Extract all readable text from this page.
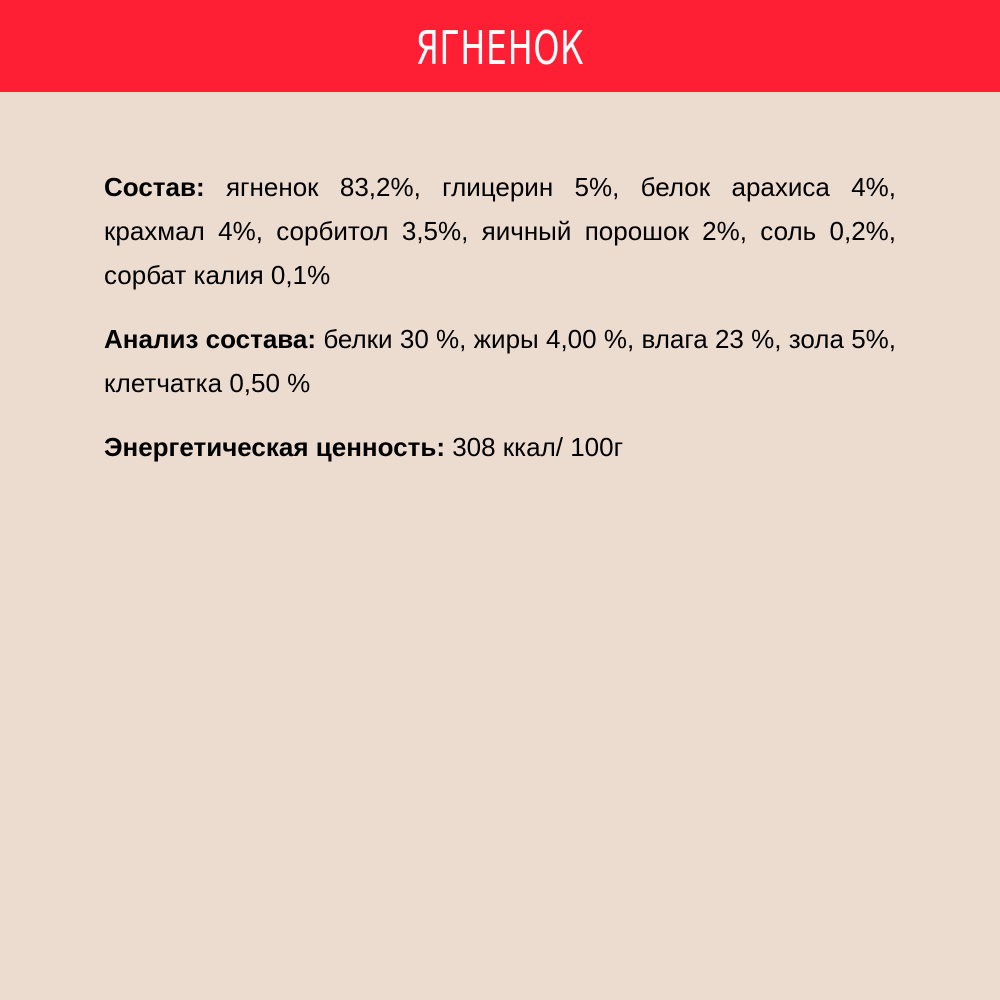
ЯГНЕНОК

Состав: ягненок 83,2%, глицерин 5%, белок арахиса 4%, крахмал 4%, сорбитол 3,5%, яичный порошок 2%, соль 0,2%, сорбат калия 0,1%

Анализ состава: белки 30 %, жиры 4,00 %, влага 23 %, зола 5%, клетчатка 0,50 %

Энергетическая ценность: 308 ккал/ 100г
